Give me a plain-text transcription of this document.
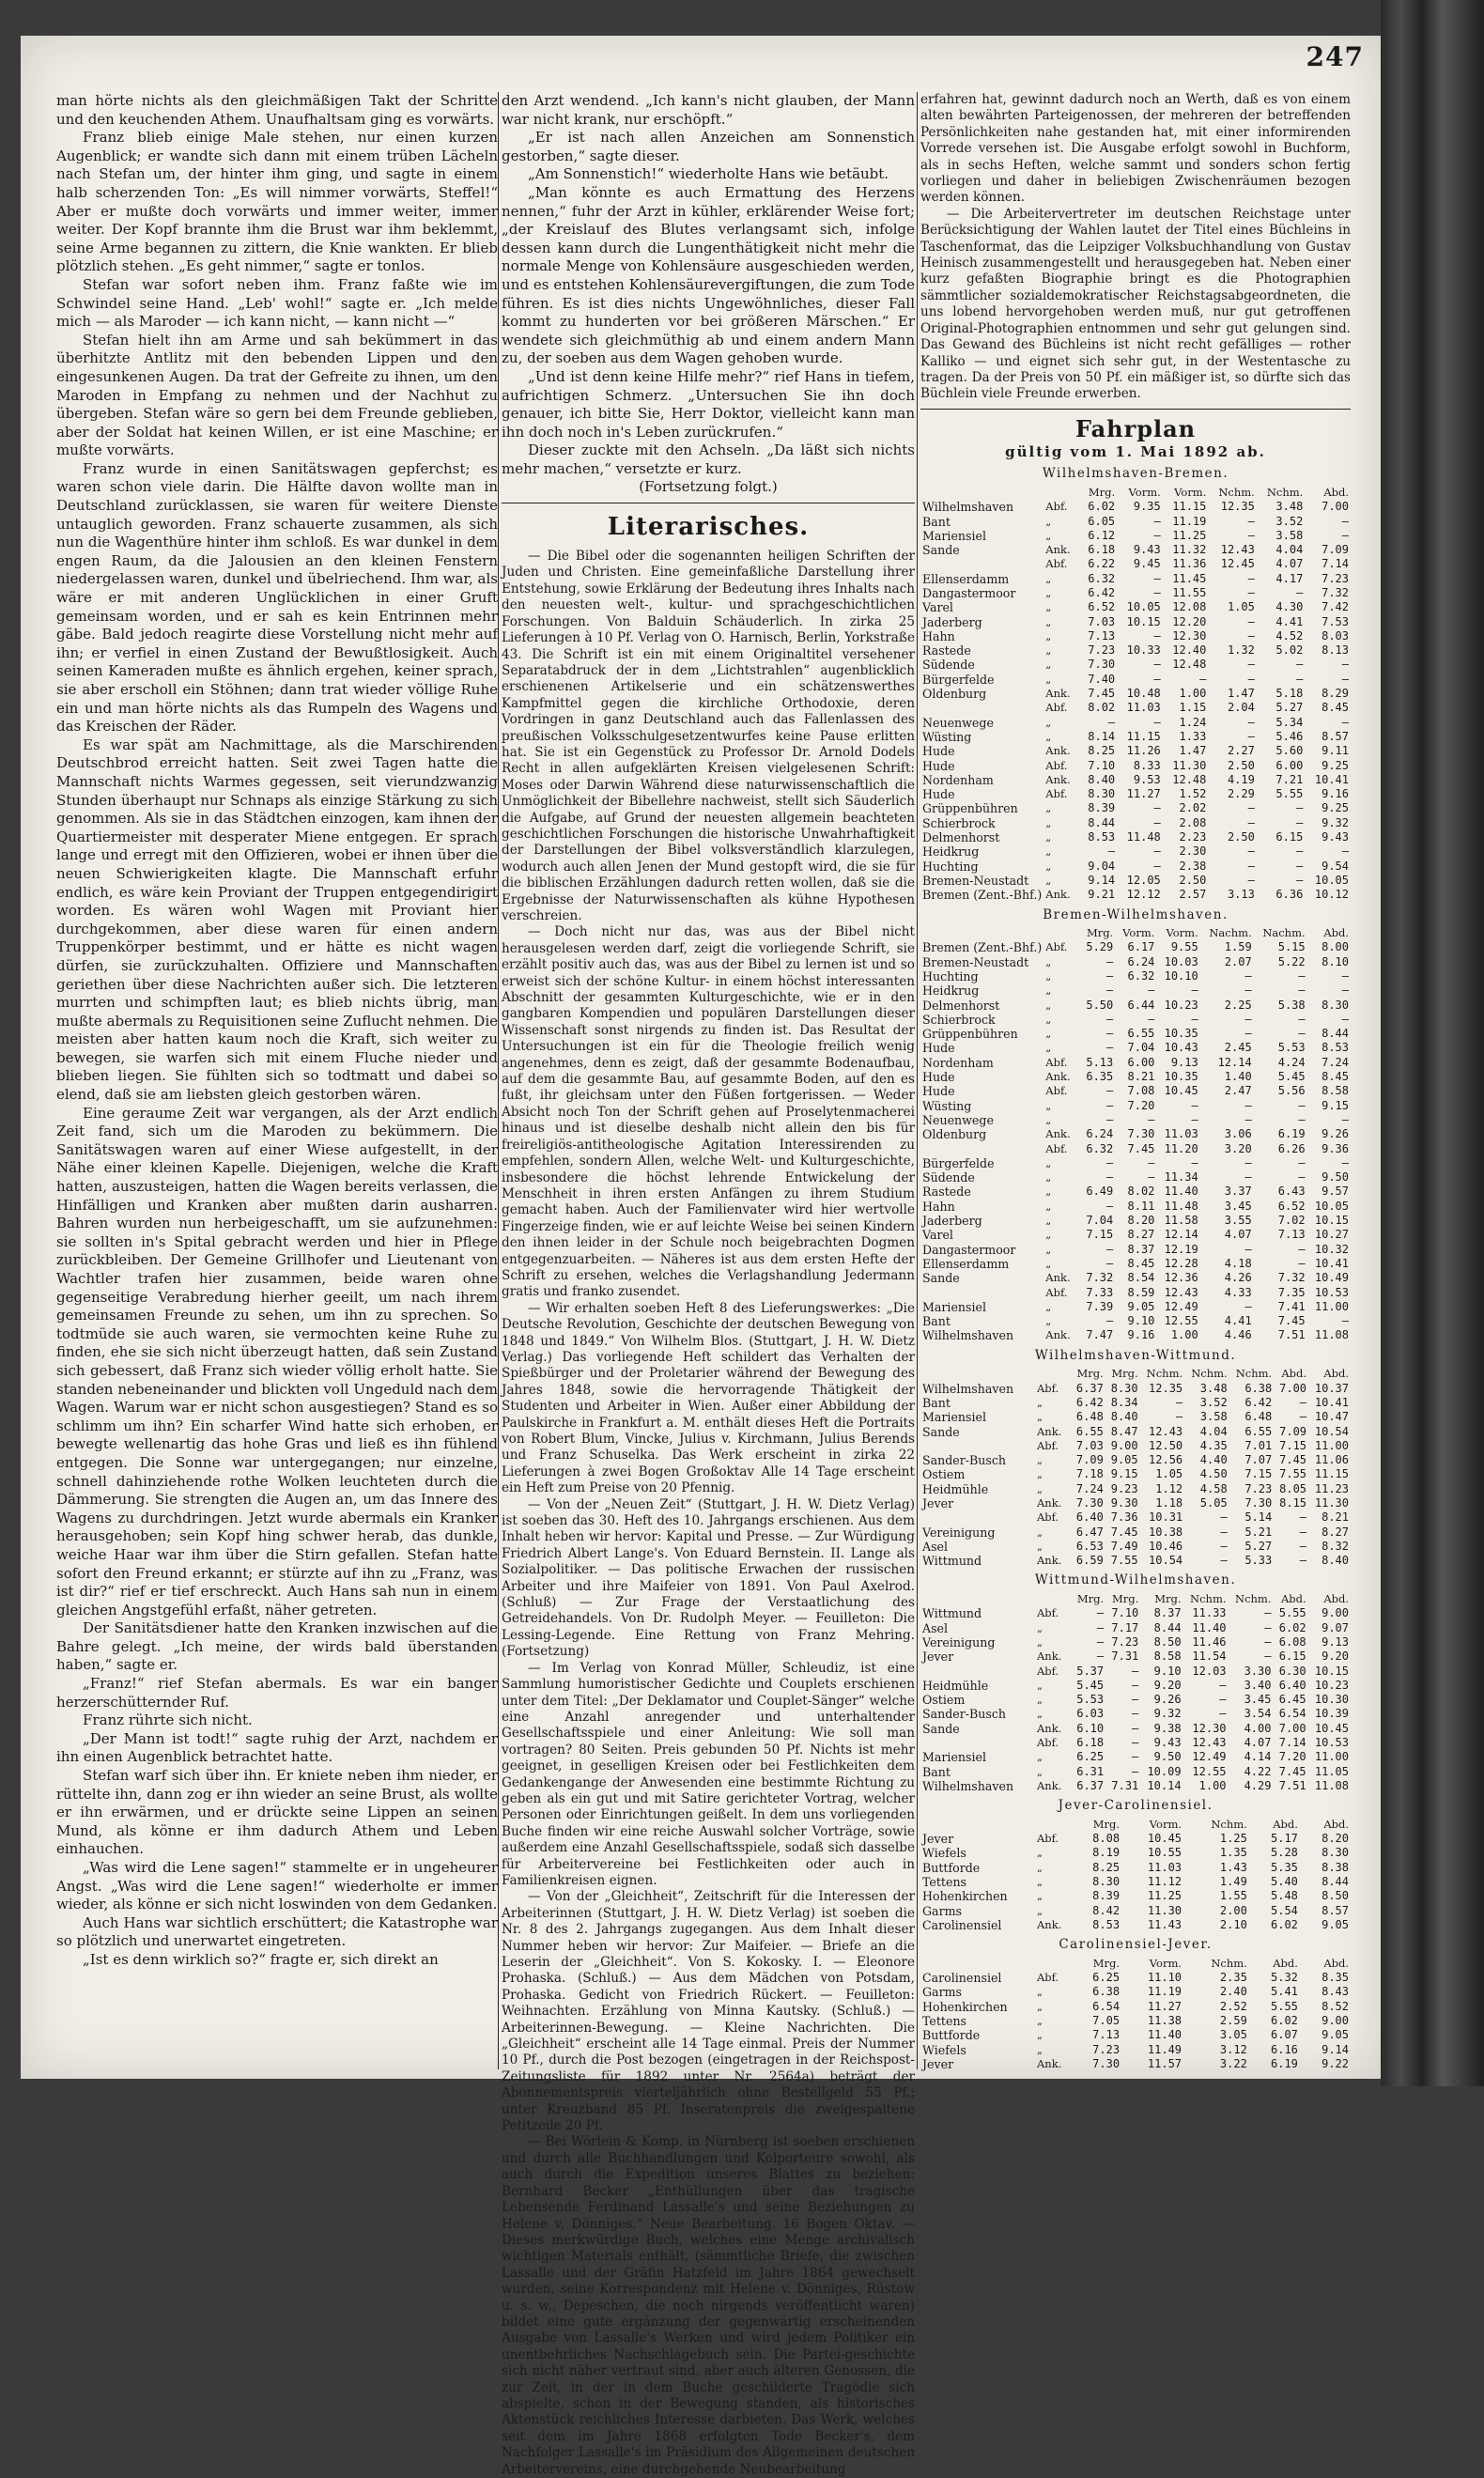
247

man hörte nichts als den gleichmäßigen Takt der Schritte und den keuchenden Athem. Unaufhaltsam ging es vorwärts.

Franz blieb einige Male stehen, nur einen kurzen Augenblick; er wandte sich dann mit einem trüben Lächeln nach Stefan um, der hinter ihm ging, und sagte in einem halb scherzenden Ton: „Es will nimmer vorwärts, Steffel!“ Aber er mußte doch vorwärts und immer weiter, immer weiter. Der Kopf brannte ihm die Brust war ihm beklemmt, seine Arme begannen zu zittern, die Knie wankten. Er blieb plötzlich stehen. „Es geht nimmer,“ sagte er tonlos.

Stefan war sofort neben ihm. Franz faßte wie im Schwindel seine Hand. „Leb' wohl!“ sagte er. „Ich melde mich — als Maroder — ich kann nicht, — kann nicht —“

Stefan hielt ihn am Arme und sah bekümmert in das überhitzte Antlitz mit den bebenden Lippen und den eingesunkenen Augen. Da trat der Gefreite zu ihnen, um den Maroden in Empfang zu nehmen und der Nachhut zu übergeben. Stefan wäre so gern bei dem Freunde geblieben, aber der Soldat hat keinen Willen, er ist eine Maschine; er mußte vorwärts.

Franz wurde in einen Sanitätswagen gepferchst; es waren schon viele darin. Die Hälfte davon wollte man in Deutschland zurücklassen, sie waren für weitere Dienste untauglich geworden. Franz schauerte zusammen, als sich nun die Wagenthüre hinter ihm schloß. Es war dunkel in dem engen Raum, da die Jalousien an den kleinen Fenstern niedergelassen waren, dunkel und übelriechend. Ihm war, als wäre er mit anderen Unglücklichen in einer Gruft gemeinsam worden, und er sah es kein Entrinnen mehr gäbe. Bald jedoch reagirte diese Vorstellung nicht mehr auf ihn; er verfiel in einen Zustand der Bewußtlosigkeit. Auch seinen Kameraden mußte es ähnlich ergehen, keiner sprach, sie aber erscholl ein Stöhnen; dann trat wieder völlige Ruhe ein und man hörte nichts als das Rumpeln des Wagens und das Kreischen der Räder.

Es war spät am Nachmittage, als die Marschirenden Deutschbrod erreicht hatten. Seit zwei Tagen hatte die Mannschaft nichts Warmes gegessen, seit vierundzwanzig Stunden überhaupt nur Schnaps als einzige Stärkung zu sich genommen. Als sie in das Städtchen einzogen, kam ihnen der Quartiermeister mit desperater Miene entgegen. Er sprach lange und erregt mit den Offizieren, wobei er ihnen über die neuen Schwierigkeiten klagte. Die Mannschaft erfuhr endlich, es wäre kein Proviant der Truppen entgegendirigirt worden. Es wären wohl Wagen mit Proviant hier durchgekommen, aber diese waren für einen andern Truppenkörper bestimmt, und er hätte es nicht wagen dürfen, sie zurückzuhalten. Offiziere und Mannschaften geriethen über diese Nachrichten außer sich. Die letzteren murrten und schimpften laut; es blieb nichts übrig, man mußte abermals zu Requisitionen seine Zuflucht nehmen. Die meisten aber hatten kaum noch die Kraft, sich weiter zu bewegen, sie warfen sich mit einem Fluche nieder und blieben liegen. Sie fühlten sich so todtmatt und dabei so elend, daß sie am liebsten gleich gestorben wären.

Eine geraume Zeit war vergangen, als der Arzt endlich Zeit fand, sich um die Maroden zu bekümmern. Die Sanitätswagen waren auf einer Wiese aufgestellt, in der Nähe einer kleinen Kapelle. Diejenigen, welche die Kraft hatten, auszusteigen, hatten die Wagen bereits verlassen, die Hinfälligen und Kranken aber mußten darin ausharren. Bahren wurden nun herbeigeschafft, um sie aufzunehmen: sie sollten in's Spital gebracht werden und hier in Pflege zurückbleiben. Der Gemeine Grillhofer und Lieutenant von Wachtler trafen hier zusammen, beide waren ohne gegenseitige Verabredung hierher geeilt, um nach ihrem gemeinsamen Freunde zu sehen, um ihn zu sprechen. So todtmüde sie auch waren, sie vermochten keine Ruhe zu finden, ehe sie sich nicht überzeugt hatten, daß sein Zustand sich gebessert, daß Franz sich wieder völlig erholt hatte. Sie standen nebeneinander und blickten voll Ungeduld nach dem Wagen. Warum war er nicht schon ausgestiegen? Stand es so schlimm um ihn? Ein scharfer Wind hatte sich erhoben, er bewegte wellenartig das hohe Gras und ließ es ihn fühlend entgegen. Die Sonne war untergegangen; nur einzelne, schnell dahinziehende rothe Wolken leuchteten durch die Dämmerung. Sie strengten die Augen an, um das Innere des Wagens zu durchdringen. Jetzt wurde abermals ein Kranker herausgehoben; sein Kopf hing schwer herab, das dunkle, weiche Haar war ihm über die Stirn gefallen. Stefan hatte sofort den Freund erkannt; er stürzte auf ihn zu „Franz, was ist dir?“ rief er tief erschreckt. Auch Hans sah nun in einem gleichen Angstgefühl erfaßt, näher getreten.

Der Sanitätsdiener hatte den Kranken inzwischen auf die Bahre gelegt. „Ich meine, der wirds bald überstanden haben,“ sagte er.

„Franz!“ rief Stefan abermals. Es war ein banger herzerschütternder Ruf.

Franz rührte sich nicht.

„Der Mann ist todt!“ sagte ruhig der Arzt, nachdem er ihn einen Augenblick betrachtet hatte.

Stefan warf sich über ihn. Er kniete neben ihm nieder, er rüttelte ihn, dann zog er ihn wieder an seine Brust, als wollte er ihn erwärmen, und er drückte seine Lippen an seinen Mund, als könne er ihm dadurch Athem und Leben einhauchen.

„Was wird die Lene sagen!“ stammelte er in ungeheurer Angst. „Was wird die Lene sagen!“ wiederholte er immer wieder, als könne er sich nicht loswinden von dem Gedanken.

Auch Hans war sichtlich erschüttert; die Katastrophe war so plötzlich und unerwartet eingetreten.

„Ist es denn wirklich so?“ fragte er, sich direkt an

den Arzt wendend. „Ich kann's nicht glauben, der Mann war nicht krank, nur erschöpft.“

„Er ist nach allen Anzeichen am Sonnenstich gestorben,“ sagte dieser.

„Am Sonnenstich!“ wiederholte Hans wie betäubt.

„Man könnte es auch Ermattung des Herzens nennen,“ fuhr der Arzt in kühler, erklärender Weise fort; „der Kreislauf des Blutes verlangsamt sich, infolge dessen kann durch die Lungenthätigkeit nicht mehr die normale Menge von Kohlensäure ausgeschieden werden, und es entstehen Kohlensäurevergiftungen, die zum Tode führen. Es ist dies nichts Ungewöhnliches, dieser Fall kommt zu hunderten vor bei größeren Märschen.“ Er wendete sich gleichmüthig ab und einem andern Mann zu, der soeben aus dem Wagen gehoben wurde.

„Und ist denn keine Hilfe mehr?“ rief Hans in tiefem, aufrichtigen Schmerz. „Untersuchen Sie ihn doch genauer, ich bitte Sie, Herr Doktor, vielleicht kann man ihn doch noch in's Leben zurückrufen.“

Dieser zuckte mit den Achseln. „Da läßt sich nichts mehr machen,“ versetzte er kurz.

(Fortsetzung folgt.)

Literarisches.

— Die Bibel oder die sogenannten heiligen Schriften der Juden und Christen. Eine gemeinfaßliche Darstellung ihrer Entstehung, sowie Erklärung der Bedeutung ihres Inhalts nach den neuesten welt-, kultur- und sprachgeschichtlichen Forschungen. Von Balduin Schäuderlich. In zirka 25 Lieferungen à 10 Pf. Verlag von O. Harnisch, Berlin, Yorkstraße 43. Die Schrift ist ein mit einem Originaltitel versehener Separatabdruck der in dem „Lichtstrahlen“ augenblicklich erschienenen Artikelserie und ein schätzenswerthes Kampfmittel gegen die kirchliche Orthodoxie, deren Vordringen in ganz Deutschland auch das Fallenlassen des preußischen Volksschulgesetzentwurfes keine Pause erlitten hat. Sie ist ein Gegenstück zu Professor Dr. Arnold Dodels Recht in allen aufgeklärten Kreisen vielgelesenen Schrift: Moses oder Darwin Während diese naturwissenschaftlich die Unmöglichkeit der Bibellehre nachweist, stellt sich Säuderlich die Aufgabe, auf Grund der neuesten allgemein beachteten geschichtlichen Forschungen die historische Unwahrhaftigkeit der Darstellungen der Bibel volksverständlich klarzulegen, wodurch auch allen Jenen der Mund gestopft wird, die sie für die biblischen Erzählungen dadurch retten wollen, daß sie die Ergebnisse der Naturwissenschaften als kühne Hypothesen verschreien.

— Doch nicht nur das, was aus der Bibel nicht herausgelesen werden darf, zeigt die vorliegende Schrift, sie erzählt positiv auch das, was aus der Bibel zu lernen ist und so erweist sich der schöne Kultur- in einem höchst interessanten Abschnitt der gesammten Kulturgeschichte, wie er in den gangbaren Kompendien und populären Darstellungen dieser Wissenschaft sonst nirgends zu finden ist. Das Resultat der Untersuchungen ist ein für die Theologie freilich wenig angenehmes, denn es zeigt, daß der gesammte Bodenaufbau, auf dem die gesammte Bau, auf gesammte Boden, auf den es fußt, ihr gleichsam unter den Füßen fortgerissen. — Weder Absicht noch Ton der Schrift gehen auf Proselytenmacherei hinaus und ist dieselbe deshalb nicht allein den bis für freireligiös-antitheologische Agitation Interessirenden zu empfehlen, sondern Allen, welche Welt- und Kulturgeschichte, insbesondere die höchst lehrende Entwickelung der Menschheit in ihren ersten Anfängen zu ihrem Studium gemacht haben. Auch der Familienvater wird hier wertvolle Fingerzeige finden, wie er auf leichte Weise bei seinen Kindern den ihnen leider in der Schule noch beigebrachten Dogmen entgegenzuarbeiten. — Näheres ist aus dem ersten Hefte der Schrift zu ersehen, welches die Verlagshandlung Jedermann gratis und franko zusendet.

— Wir erhalten soeben Heft 8 des Lieferungswerkes: „Die Deutsche Revolution, Geschichte der deutschen Bewegung von 1848 und 1849.“ Von Wilhelm Blos. (Stuttgart, J. H. W. Dietz Verlag.) Das vorliegende Heft schildert das Verhalten der Spießbürger und der Proletarier während der Bewegung des Jahres 1848, sowie die hervorragende Thätigkeit der Studenten und Arbeiter in Wien. Außer einer Abbildung der Paulskirche in Frankfurt a. M. enthält dieses Heft die Portraits von Robert Blum, Vincke, Julius v. Kirchmann, Julius Berends und Franz Schuselka. Das Werk erscheint in zirka 22 Lieferungen à zwei Bogen Großoktav Alle 14 Tage erscheint ein Heft zum Preise von 20 Pfennig.

— Von der „Neuen Zeit“ (Stuttgart, J. H. W. Dietz Verlag) ist soeben das 30. Heft des 10. Jahrgangs erschienen. Aus dem Inhalt heben wir hervor: Kapital und Presse. — Zur Würdigung Friedrich Albert Lange's. Von Eduard Bernstein. II. Lange als Sozialpolitiker. — Das politische Erwachen der russischen Arbeiter und ihre Maifeier von 1891. Von Paul Axelrod. (Schluß) — Zur Frage der Verstaatlichung des Getreidehandels. Von Dr. Rudolph Meyer. — Feuilleton: Die Lessing-Legende. Eine Rettung von Franz Mehring. (Fortsetzung)

— Im Verlag von Konrad Müller, Schleudiz, ist eine Sammlung humoristischer Gedichte und Couplets erschienen unter dem Titel: „Der Deklamator und Couplet-Sänger“ welche eine Anzahl anregender und unterhaltender Gesellschaftsspiele und einer Anleitung: Wie soll man vortragen? 80 Seiten. Preis gebunden 50 Pf. Nichts ist mehr geeignet, in geselligen Kreisen oder bei Festlichkeiten dem Gedankengange der Anwesenden eine bestimmte Richtung zu geben als ein gut und mit Satire gerichteter Vortrag, welcher Personen oder Einrichtungen geißelt. In dem uns vorliegenden Buche finden wir eine reiche Auswahl solcher Vorträge, sowie außerdem eine Anzahl Gesellschaftsspiele, sodaß sich dasselbe für Arbeitervereine bei Festlichkeiten oder auch in Familienkreisen eignen.

— Von der „Gleichheit“, Zeitschrift für die Interessen der Arbeiterinnen (Stuttgart, J. H. W. Dietz Verlag) ist soeben die Nr. 8 des 2. Jahrgangs zugegangen. Aus dem Inhalt dieser Nummer heben wir hervor: Zur Maifeier. — Briefe an die Leserin der „Gleichheit“. Von S. Kokosky. I. — Eleonore Prohaska. (Schluß.) — Aus dem Mädchen von Potsdam, Prohaska. Gedicht von Friedrich Rückert. — Feuilleton: Weihnachten. Erzählung von Minna Kautsky. (Schluß.) — Arbeiterinnen-Bewegung. — Kleine Nachrichten. Die „Gleichheit“ erscheint alle 14 Tage einmal. Preis der Nummer 10 Pf., durch die Post bezogen (eingetragen in der Reichspost-Zeitungsliste für 1892 unter Nr. 2564a) beträgt der Abonnementspreis vierteljährlich ohne Bestellgeld 55 Pf.; unter Kreuzband 85 Pf. Inseratenpreis die zweigespaltene Petitzeile 20 Pf.

— Bei Wörlein & Komp. in Nürnberg ist soeben erschienen und durch alle Buchhandlungen und Kolporteure sowohl, als auch durch die Expedition unseres Blattes zu beziehen: Bernhard Becker „Enthüllungen über das tragische Lebensende Ferdinand Lassalle's und seine Beziehungen zu Helene v. Dönniges.“ Neue Bearbeitung. 16 Bogen Oktav. — Dieses merkwürdige Buch, welches eine Menge archivalisch wichtigen Materials enthält, (sämmtliche Briefe, die zwischen Lassalle und der Gräfin Hatzfeld im Jahre 1864 gewechselt wurden, seine Korrespondenz mit Helene v. Dönniges, Rüstow u. s. w., Depeschen, die noch nirgends veröffentlicht waren) bildet eine gute ergänzung der gegenwärtig erscheinenden Ausgabe von Lassalle's Werken und wird jedem Politiker ein unentbehrliches Nachschlagebuch sein. Die Partei-geschichte sich nicht näher vertraut sind, aber auch älteren Genossen, die zur Zeit, in der in dem Buche geschilderte Tragödie sich abspielte, schon in der Bewegung standen, als historisches Aktenstück reichliches Interesse darbieten. Das Werk, welches seit dem im Jahre 1868 erfolgten Tode Becker's, dem Nachfolger Lassalle's im Präsidium des Allgemeinen deutschen Arbeitervereins, eine durchgehende Neubearbeitung

erfahren hat, gewinnt dadurch noch an Werth, daß es von einem alten bewährten Parteigenossen, der mehreren der betreffenden Persönlichkeiten nahe gestanden hat, mit einer informirenden Vorrede versehen ist. Die Ausgabe erfolgt sowohl in Buchform, als in sechs Heften, welche sammt und sonders schon fertig vorliegen und daher in beliebigen Zwischenräumen bezogen werden können.

— Die Arbeitervertreter im deutschen Reichstage unter Berücksichtigung der Wahlen lautet der Titel eines Büchleins in Taschenformat, das die Leipziger Volksbuchhandlung von Gustav Heinisch zusammengestellt und herausgegeben hat. Neben einer kurz gefaßten Biographie bringt es die Photographien sämmtlicher sozialdemokratischer Reichstagsabgeordneten, die uns lobend hervorgehoben werden muß, nur gut getroffenen Original-Photographien entnommen und sehr gut gelungen sind. Das Gewand des Büchleins ist nicht recht gefälliges — rother Kalliko — und eignet sich sehr gut, in der Westentasche zu tragen. Da der Preis von 50 Pf. ein mäßiger ist, so dürfte sich das Büchlein viele Freunde erwerben.

Fahrplan
gültig vom 1. Mai 1892 ab.
Wilhelmshaven-Bremen.
		Mrg.	Vorm.	Vorm.	Nchm.	Nchm.	Abd.
Wilhelmshaven	Abf.	6.02	9.35	11.15	12.35	3.48	7.00
Bant	„	6.05	—	11.19	—	3.52	—
Mariensiel	„	6.12	—	11.25	—	3.58	—
Sande	Ank.	6.18	9.43	11.32	12.43	4.04	7.09
	Abf.	6.22	9.45	11.36	12.45	4.07	7.14
Ellenserdamm	„	6.32	—	11.45	—	4.17	7.23
Dangastermoor	„	6.42	—	11.55	—	—	7.32
Varel	„	6.52	10.05	12.08	1.05	4.30	7.42
Jaderberg	„	7.03	10.15	12.20	—	4.41	7.53
Hahn	„	7.13	—	12.30	—	4.52	8.03
Rastede	„	7.23	10.33	12.40	1.32	5.02	8.13
Südende	„	7.30	—	12.48	—	—	—
Bürgerfelde	„	7.40	—	—	—	—	—
Oldenburg	Ank.	7.45	10.48	1.00	1.47	5.18	8.29
	Abf.	8.02	11.03	1.15	2.04	5.27	8.45
Neuenwege	„	—	—	1.24	—	5.34	—
Wüsting	„	8.14	11.15	1.33	—	5.46	8.57
Hude	Ank.	8.25	11.26	1.47	2.27	5.60	9.11
Hude	Abf.	7.10	8.33	11.30	2.50	6.00	9.25
Nordenham	Ank.	8.40	9.53	12.48	4.19	7.21	10.41
Hude	Abf.	8.30	11.27	1.52	2.29	5.55	9.16
Grüppenbühren	„	8.39	—	2.02	—	—	9.25
Schierbrock	„	8.44	—	2.08	—	—	9.32
Delmenhorst	„	8.53	11.48	2.23	2.50	6.15	9.43
Heidkrug	„	—	—	2.30	—	—	—
Huchting	„	9.04	—	2.38	—	—	9.54
Bremen-Neustadt	„	9.14	12.05	2.50	—	—	10.05
Bremen (Zent.-Bhf.)	Ank.	9.21	12.12	2.57	3.13	6.36	10.12
Bremen-Wilhelmshaven.
		Mrg.	Vorm.	Vorm.	Nachm.	Nachm.	Abd.
Bremen (Zent.-Bhf.)	Abf.	5.29	6.17	9.55	1.59	5.15	8.00
Bremen-Neustadt	„	—	6.24	10.03	2.07	5.22	8.10
Huchting	„	—	6.32	10.10	—	—	—
Heidkrug	„	—	—	—	—	—	—
Delmenhorst	„	5.50	6.44	10.23	2.25	5.38	8.30
Schierbrock	„	—	—	—	—	—	—
Grüppenbühren	„	—	6.55	10.35	—	—	8.44
Hude	„	—	7.04	10.43	2.45	5.53	8.53
Nordenham	Abf.	5.13	6.00	9.13	12.14	4.24	7.24
Hude	Ank.	6.35	8.21	10.35	1.40	5.45	8.45
Hude	Abf.	—	7.08	10.45	2.47	5.56	8.58
Wüsting	„	—	7.20	—	—	—	9.15
Neuenwege	„	—	—	—	—	—	—
Oldenburg	Ank.	6.24	7.30	11.03	3.06	6.19	9.26
	Abf.	6.32	7.45	11.20	3.20	6.26	9.36
Bürgerfelde	„	—	—	—	—	—	—
Südende	„	—	—	11.34	—	—	9.50
Rastede	„	6.49	8.02	11.40	3.37	6.43	9.57
Hahn	„	—	8.11	11.48	3.45	6.52	10.05
Jaderberg	„	7.04	8.20	11.58	3.55	7.02	10.15
Varel	„	7.15	8.27	12.14	4.07	7.13	10.27
Dangastermoor	„	—	8.37	12.19	—	—	10.32
Ellenserdamm	„	—	8.45	12.28	4.18	—	10.41
Sande	Ank.	7.32	8.54	12.36	4.26	7.32	10.49
	Abf.	7.33	8.59	12.43	4.33	7.35	10.53
Mariensiel	„	7.39	9.05	12.49	—	7.41	11.00
Bant	„	—	9.10	12.55	4.41	7.45	—
Wilhelmshaven	Ank.	7.47	9.16	1.00	4.46	7.51	11.08
Wilhelmshaven-Wittmund.
		Mrg.	Mrg.	Nchm.	Nchm.	Nchm.	Abd.	Abd.
Wilhelmshaven	Abf.	6.37	8.30	12.35	3.48	6.38	7.00	10.37
Bant	„	6.42	8.34	—	3.52	6.42	—	10.41
Mariensiel	„	6.48	8.40	—	3.58	6.48	—	10.47
Sande	Ank.	6.55	8.47	12.43	4.04	6.55	7.09	10.54
	Abf.	7.03	9.00	12.50	4.35	7.01	7.15	11.00
Sander-Busch	„	7.09	9.05	12.56	4.40	7.07	7.45	11.06
Ostiem	„	7.18	9.15	1.05	4.50	7.15	7.55	11.15
Heidmühle	„	7.24	9.23	1.12	4.58	7.23	8.05	11.23
Jever	Ank.	7.30	9.30	1.18	5.05	7.30	8.15	11.30
	Abf.	6.40	7.36	10.31	—	5.14	—	8.21
Vereinigung	„	6.47	7.45	10.38	—	5.21	—	8.27
Asel	„	6.53	7.49	10.46	—	5.27	—	8.32
Wittmund	Ank.	6.59	7.55	10.54	—	5.33	—	8.40
Wittmund-Wilhelmshaven.
		Mrg.	Mrg.	Mrg.	Nchm.	Nchm.	Abd.	Abd.
Wittmund	Abf.	—	7.10	8.37	11.33	—	5.55	9.00
Asel	„	—	7.17	8.44	11.40	—	6.02	9.07
Vereinigung	„	—	7.23	8.50	11.46	—	6.08	9.13
Jever	Ank.	—	7.31	8.58	11.54	—	6.15	9.20
	Abf.	5.37	—	9.10	12.03	3.30	6.30	10.15
Heidmühle	„	5.45	—	9.20	—	3.40	6.40	10.23
Ostiem	„	5.53	—	9.26	—	3.45	6.45	10.30
Sander-Busch	„	6.03	—	9.32	—	3.54	6.54	10.39
Sande	Ank.	6.10	—	9.38	12.30	4.00	7.00	10.45
	Abf.	6.18	—	9.43	12.43	4.07	7.14	10.53
Mariensiel	„	6.25	—	9.50	12.49	4.14	7.20	11.00
Bant	„	6.31	—	10.09	12.55	4.22	7.45	11.05
Wilhelmshaven	Ank.	6.37	7.31	10.14	1.00	4.29	7.51	11.08
Jever-Carolinensiel.
		Mrg.	Vorm.	Nchm.	Abd.	Abd.
Jever	Abf.	8.08	10.45	1.25	5.17	8.20
Wiefels	„	8.19	10.55	1.35	5.28	8.30
Buttforde	„	8.25	11.03	1.43	5.35	8.38
Tettens	„	8.30	11.12	1.49	5.40	8.44
Hohenkirchen	„	8.39	11.25	1.55	5.48	8.50
Garms	„	8.42	11.30	2.00	5.54	8.57
Carolinensiel	Ank.	8.53	11.43	2.10	6.02	9.05
Carolinensiel-Jever.
		Mrg.	Vorm.	Nchm.	Abd.	Abd.
Carolinensiel	Abf.	6.25	11.10	2.35	5.32	8.35
Garms	„	6.38	11.19	2.40	5.41	8.43
Hohenkirchen	„	6.54	11.27	2.52	5.55	8.52
Tettens	„	7.05	11.38	2.59	6.02	9.00
Buttforde	„	7.13	11.40	3.05	6.07	9.05
Wiefels	„	7.23	11.49	3.12	6.16	9.14
Jever	Ank.	7.30	11.57	3.22	6.19	9.22
